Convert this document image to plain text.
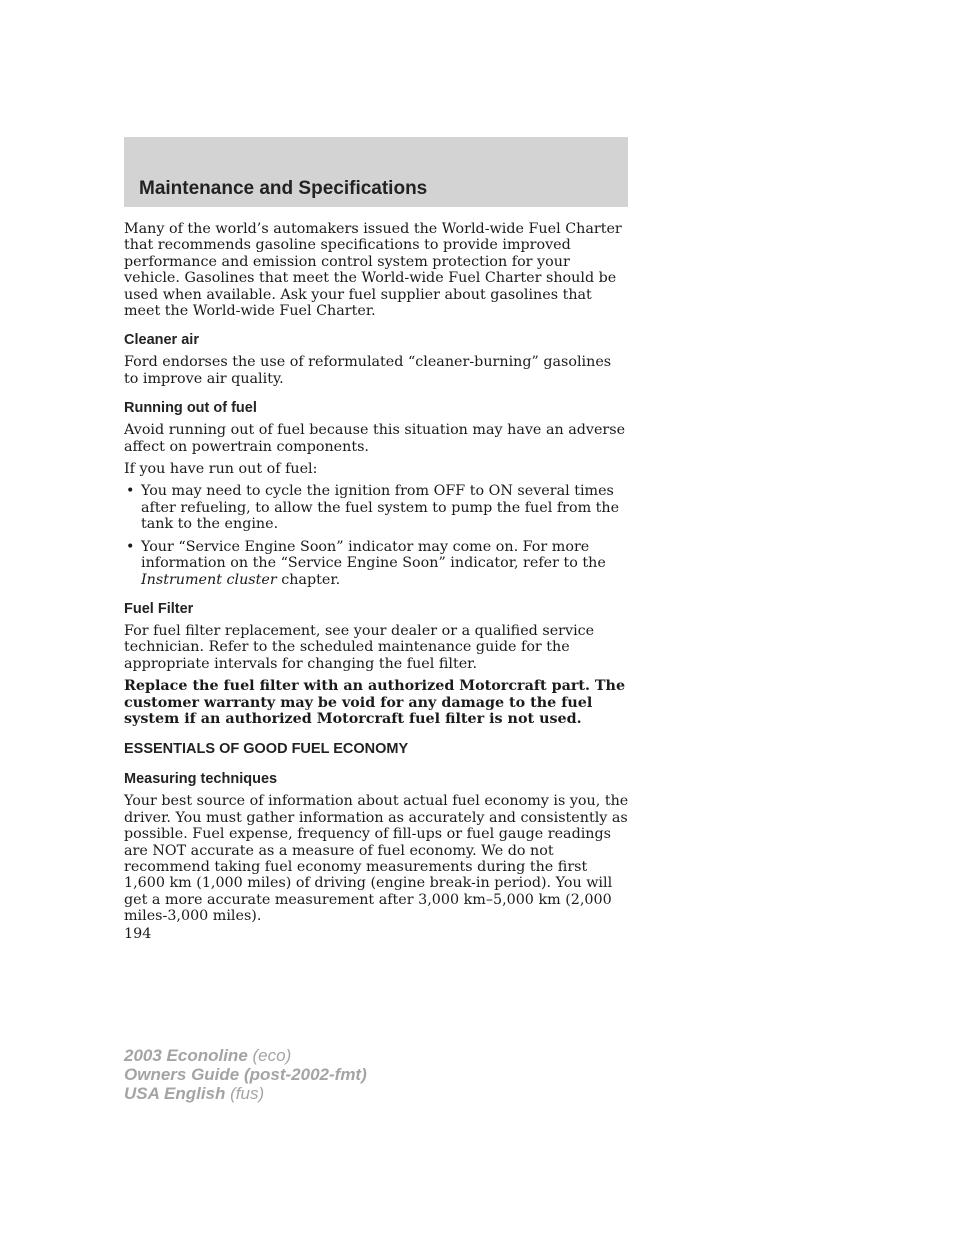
Maintenance and Specifications

Many of the world’s automakers issued the World-wide Fuel Charter that recommends gasoline specifications to provide improved performance and emission control system protection for your vehicle. Gasolines that meet the World-wide Fuel Charter should be used when available. Ask your fuel supplier about gasolines that meet the World-wide Fuel Charter.

Cleaner air

Ford endorses the use of reformulated “cleaner-burning” gasolines to improve air quality.

Running out of fuel

Avoid running out of fuel because this situation may have an adverse affect on powertrain components.

If you have run out of fuel:

• You may need to cycle the ignition from OFF to ON several times after refueling, to allow the fuel system to pump the fuel from the tank to the engine.
• Your “Service Engine Soon” indicator may come on. For more information on the “Service Engine Soon” indicator, refer to the Instrument cluster chapter.
Fuel Filter

For fuel filter replacement, see your dealer or a qualified service technician. Refer to the scheduled maintenance guide for the appropriate intervals for changing the fuel filter.

Replace the fuel filter with an authorized Motorcraft part. The customer warranty may be void for any damage to the fuel system if an authorized Motorcraft fuel filter is not used.

ESSENTIALS OF GOOD FUEL ECONOMY
Measuring techniques

Your best source of information about actual fuel economy is you, the driver. You must gather information as accurately and consistently as possible. Fuel expense, frequency of fill-ups or fuel gauge readings are NOT accurate as a measure of fuel economy. We do not recommend taking fuel economy measurements during the first 1,600 km (1,000 miles) of driving (engine break-in period). You will get a more accurate measurement after 3,000 km–5,000 km (2,000 miles-3,000 miles).

194
2003 Econoline (eco)
Owners Guide (post-2002-fmt)
USA English (fus)
